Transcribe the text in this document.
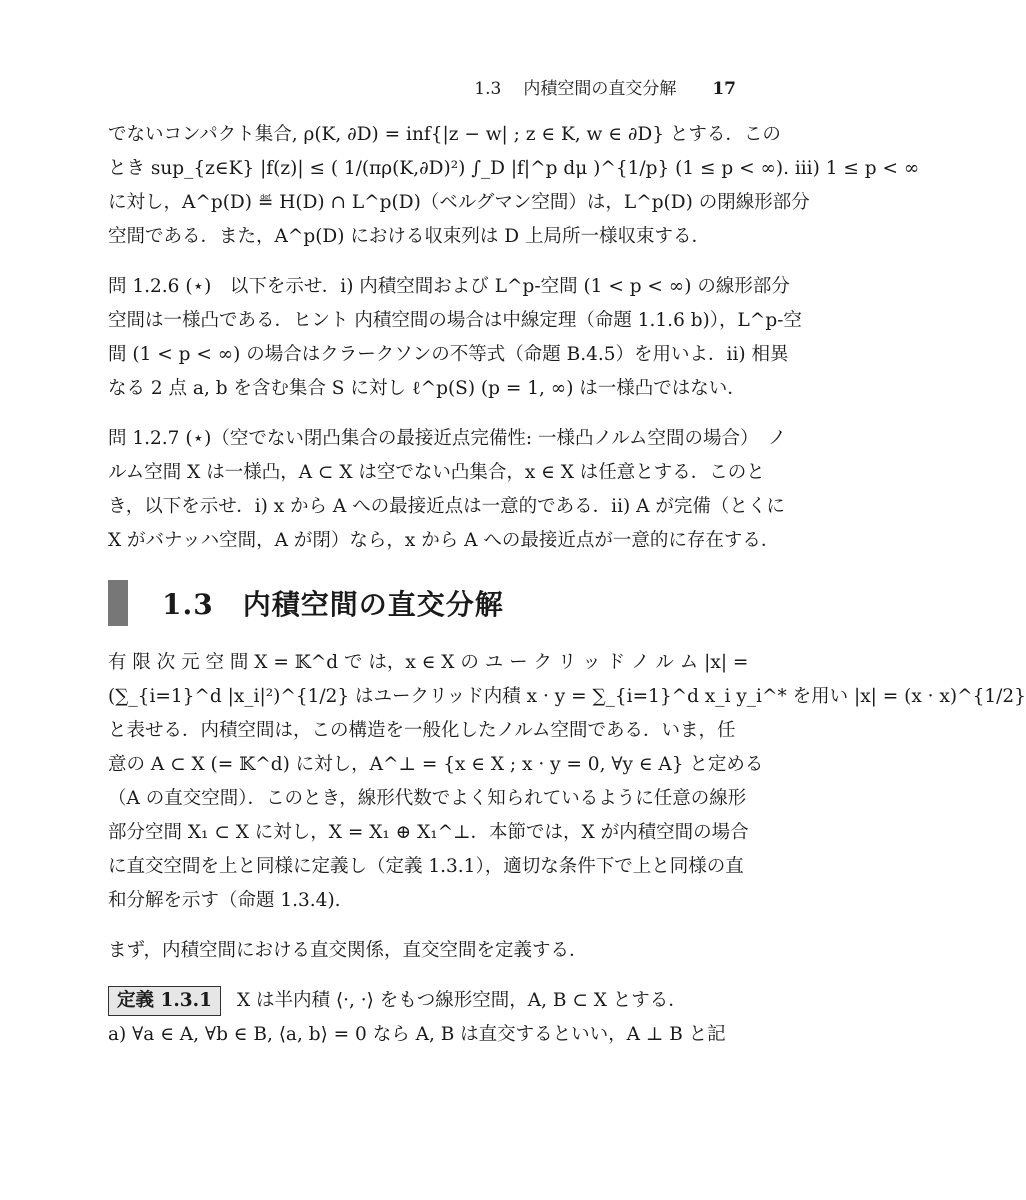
1.3 内積空間の直交分解 17
でないコンパクト集合, ρ(K, ∂D) = inf{|z − w| ; z ∈ K, w ∈ ∂D} とする．この
とき sup_{z∈K} |f(z)| ≤ ( 1/(πρ(K,∂D)²) ∫_D |f|^p dμ )^{1/p} (1 ≤ p < ∞). iii) 1 ≤ p < ∞
に対し，A^p(D) ≝ H(D) ∩ L^p(D)（ベルグマン空間）は，L^p(D) の閉線形部分
空間である．また，A^p(D) における収束列は D 上局所一様収束する．
問 1.2.6 (⋆)　以下を示せ．i) 内積空間および L^p-空間 (1 < p < ∞) の線形部分
空間は一様凸である．ヒント 内積空間の場合は中線定理（命題 1.1.6 b)），L^p-空
間 (1 < p < ∞) の場合はクラークソンの不等式（命題 B.4.5）を用いよ．ii) 相異
なる 2 点 a, b を含む集合 S に対し ℓ^p(S) (p = 1, ∞) は一様凸ではない．
問 1.2.7 (⋆)（空でない閉凸集合の最接近点完備性: 一様凸ノルム空間の場合）　ノ
ルム空間 X は一様凸，A ⊂ X は空でない凸集合，x ∈ X は任意とする．このと
き，以下を示せ．i) x から A への最接近点は一意的である．ii) A が完備（とくに
X がバナッハ空間，A が閉）なら，x から A への最接近点が一意的に存在する．
1.3　内積空間の直交分解
有 限 次 元 空 間 X = 𝕂^d で は，x ∈ X の ユ ー ク リ ッ ド ノ ル ム |x| =
(∑_{i=1}^d |x_i|²)^{1/2} はユークリッド内積 x · y = ∑_{i=1}^d x_i y_i^* を用い |x| = (x · x)^{1/2}
と表せる．内積空間は，この構造を一般化したノルム空間である．いま，任
意の A ⊂ X (= 𝕂^d) に対し，A^⊥ = {x ∈ X ; x · y = 0, ∀y ∈ A} と定める
（A の直交空間）．このとき，線形代数でよく知られているように任意の線形
部分空間 X₁ ⊂ X に対し，X = X₁ ⊕ X₁^⊥．本節では，X が内積空間の場合
に直交空間を上と同様に定義し（定義 1.3.1），適切な条件下で上と同様の直
和分解を示す（命題 1.3.4).
まず，内積空間における直交関係，直交空間を定義する．
定義 1.3.1 X は半内積 ⟨·, ·⟩ をもつ線形空間，A, B ⊂ X とする．
a) ∀a ∈ A, ∀b ∈ B, ⟨a, b⟩ = 0 なら A, B は直交するといい，A ⊥ B と記
